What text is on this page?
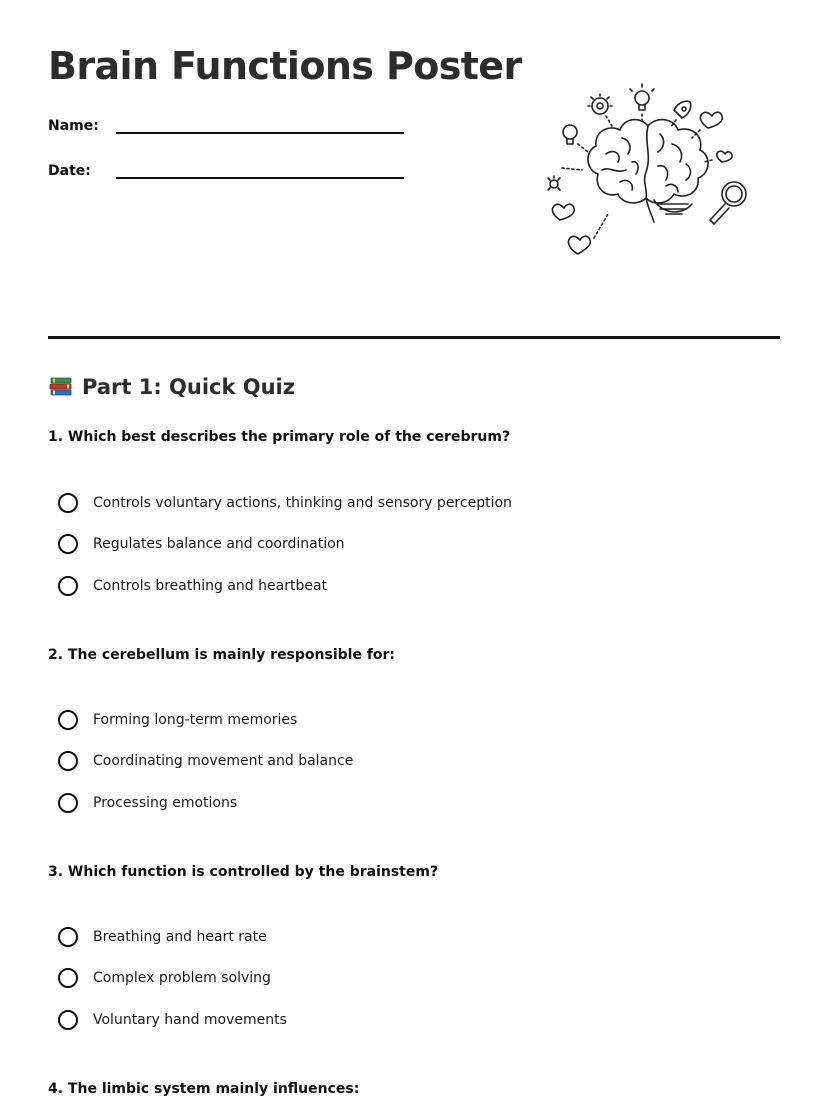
Brain Functions Poster
Name:
Date:
Part 1: Quick Quiz
1. Which best describes the primary role of the cerebrum?
Controls voluntary actions, thinking and sensory perception
Regulates balance and coordination
Controls breathing and heartbeat
2. The cerebellum is mainly responsible for:
Forming long-term memories
Coordinating movement and balance
Processing emotions
3. Which function is controlled by the brainstem?
Breathing and heart rate
Complex problem solving
Voluntary hand movements
4. The limbic system mainly influences:
